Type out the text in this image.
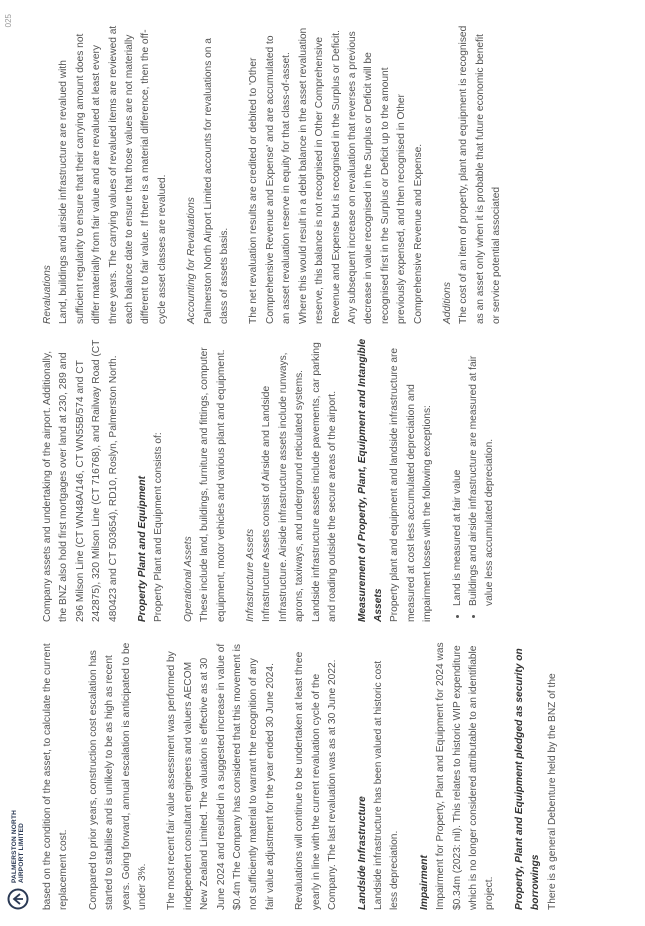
PALMERSTON NORTH AIRPORT LIMITED
025

based on the condition of the asset, to calculate the current replacement cost.	Compared to prior years, construction cost escalation has started to stabilise and is unlikely to be as high as recent years. Going forward, annual escalation is anticipated to be under 3%.	The most recent fair value assessment was performed by independent consultant engineers and valuers AECOM New Zealand Limited. The valuation is effective as at 30 June 2024 and resulted in a suggested increase in value of $0.4m The Company has considered that this movement is not sufficiently material to warrant the recognition of any fair value adjustment for the year ended 30 June 2024.	Revaluations will continue to be undertaken at least three yearly in line with the current revaluation cycle of the Company. The last revaluation was as at 30 June 2022.	Landside Infrastructure Landside infrastructure has been valued at historic cost less depreciation.	Impairment Impairment for Property, Plant and Equipment for 2024 was $0.34m (2023: nil). This relates to historic WIP expenditure which is no longer considered attributable to an identifiable project.	Property, Plant and Equipment pledged as security on borrowings There is a general Debenture held by the BNZ of the

Company assets and undertaking of the airport. Additionally, the BNZ also hold first mortgages over land at 230, 289 and 296 Milson Line (CT WN48A/146, CT WN55B/574 and CT 242875), 320 Milson Line (CT 716768), and Railway Road (CT 480423 and CT 503654), RD10, Roslyn, Palmerston North.	Property Plant and Equipment Property Plant and Equipment consists of:	Operational Assets These include land, buildings, furniture and fittings, computer equipment, motor vehicles and various plant and equipment.	Infrastructure Assets Infrastructure Assets consist of Airside and Landside Infrastructure. Airside infrastructure assets include runways, aprons, taxiways, and underground reticulated systems. Landside infrastructure assets include pavements, car parking and roading outside the secure areas of the airport.	Measurement of Property, Plant, Equipment and Intangible Assets Property plant and equipment and landside infrastructure are measured at cost less accumulated depreciation and impairment losses with the following exceptions:	• Land is measured at fair value • Buildings and airside infrastructure are measured at fair value less accumulated depreciation.
Revaluations Land, buildings and airside infrastructure are revalued with sufficient regularity to ensure that their carrying amount does not differ materially from fair value and are revalued at least every three years. The carrying values of revalued items are reviewed at each balance date to ensure that those values are not materially different to fair value. If there is a material difference, then the off-cycle asset classes are revalued.	Accounting for Revaluations Palmerston North Airport Limited accounts for revaluations on a class of assets basis.	The net revaluation results are credited or debited to 'Other Comprehensive Revenue and Expense' and are accumulated to an asset revaluation reserve in equity for that class-of-asset. Where this would result in a debit balance in the asset revaluation reserve, this balance is not recognised in Other Comprehensive Revenue and Expense but is recognised in the Surplus or Deficit. Any subsequent increase on revaluation that reverses a previous decrease in value recognised in the Surplus or Deficit will be recognised first in the Surplus or Deficit up to the amount previously expensed, and then recognised in Other Comprehensive Revenue and Expense.	Additions The cost of an item of property, plant and equipment is recognised as an asset only when it is probable that future economic benefit or service potential associated
